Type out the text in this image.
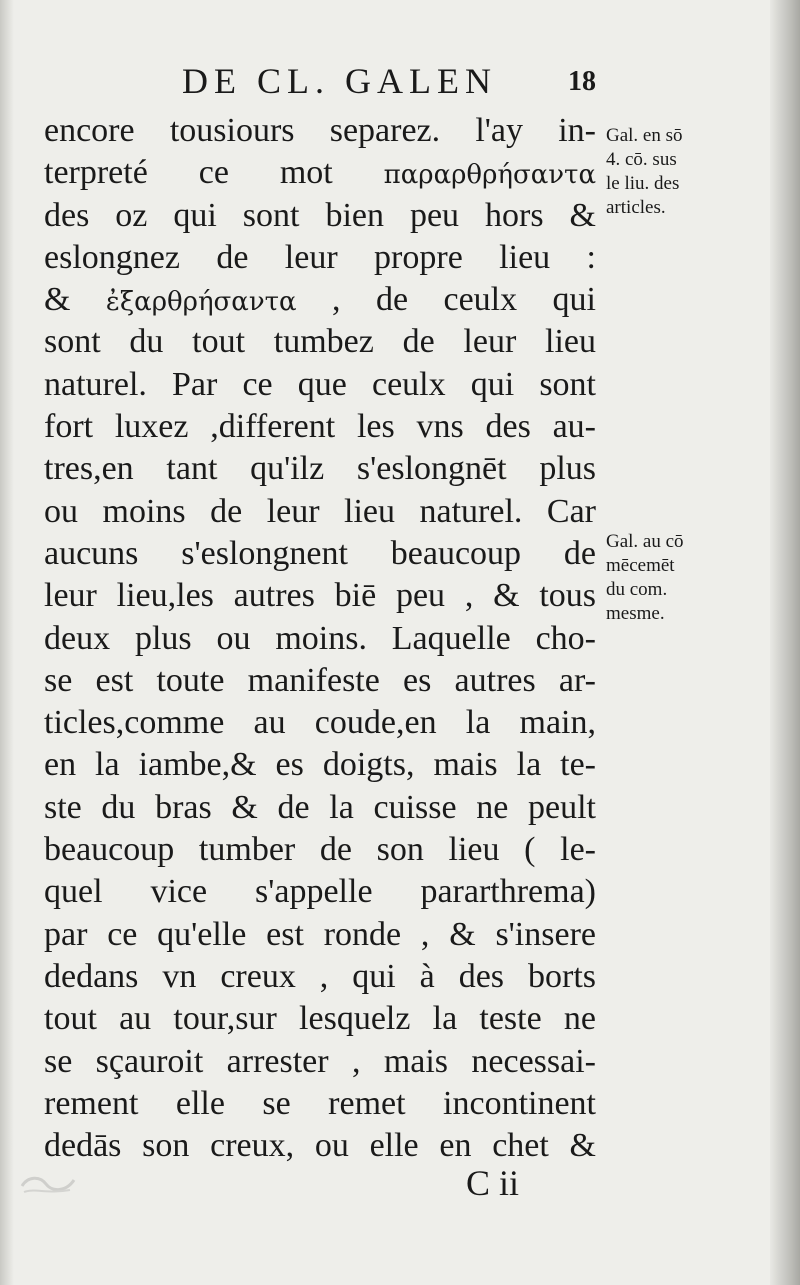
DE CL. GALEN	18
encore tousiours separez. l'ay in-
terpreté ce mot παραρθρήσαντα
des oz qui sont bien peu hors &
eslongnez de leur propre lieu :
& ἐξαρθρήσαντα , de ceulx qui
sont du tout tumbez de leur lieu
naturel. Par ce que ceulx qui sont
fort luxez ,different les vns des au-
tres,en tant qu'ilz s'eslongnēt plus
ou moins de leur lieu naturel. Car
aucuns s'eslongnent beaucoup de
leur lieu,les autres biē peu , & tous
deux plus ou moins. Laquelle cho-
se est toute manifeste es autres ar-
ticles,comme au coude,en la main,
en la iambe,& es doigts, mais la te-
ste du bras & de la cuisse ne peult
beaucoup tumber de son lieu ( le-
quel vice s'appelle pararthrema)
par ce qu'elle est ronde , & s'insere
dedans vn creux , qui à des borts
tout au tour,sur lesquelz la teste ne
se sçauroit arrester , mais necessai-
rement elle se remet incontinent
dedās son creux, ou elle en chet &
Gal. en sō
4. cō. sus
le liu. des
articles.
Gal. au cō
mēcemēt
du com.
mesme.
C ii
